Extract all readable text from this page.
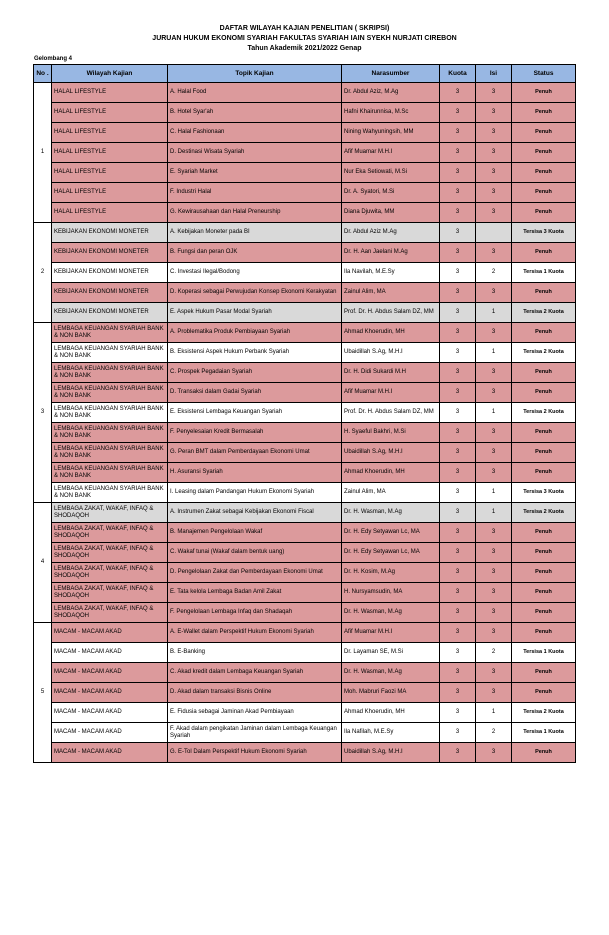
DAFTAR WILAYAH KAJIAN PENELITIAN ( SKRIPSI)
JURUAN HUKUM EKONOMI SYARIAH FAKULTAS SYARIAH IAIN SYEKH NURJATI CIREBON
Tahun Akademik 2021/2022 Genap
Gelombang 4
No .	Wilayah Kajian	Topik Kajian	Narasumber	Kuota	Isi	Status
1	HALAL LIFESTYLE	A. Halal Food	Dr. Abdul Aziz, M.Ag	3	3	Penuh
	HALAL LIFESTYLE	B. Hotel Syar'ah	Hafni Khairunnisa, M.Sc	3	3	Penuh
	HALAL LIFESTYLE	C. Halal Fashionaan	Nining Wahyuningsih, MM	3	3	Penuh
	HALAL LIFESTYLE	D. Destinasi Wisata Syariah	Afif Muamar M.H.I	3	3	Penuh
	HALAL LIFESTYLE	E. Syariah Market	Nur Eka Setiowati, M.Si	3	3	Penuh
	HALAL LIFESTYLE	F. Industri Halal	Dr. A. Syatori, M.Si	3	3	Penuh
	HALAL LIFESTYLE	G. Kewirausahaan dan Halal Preneurship	Diana Djuwita, MM	3	3	Penuh
2	KEBIJAKAN EKONOMI MONETER	A. Kebijakan Moneter pada BI	Dr. Abdul Aziz M.Ag	3		Tersisa 3 Kuota
	KEBIJAKAN EKONOMI MONETER	B. Fungsi dan peran OJK	Dr. H. Aan Jaelani M.Ag	3	3	Penuh
	KEBIJAKAN EKONOMI MONETER	C. Investasi Ilegal/Bodong	Ila Navilah, M.E.Sy	3	2	Tersisa 1 Kuota
	KEBIJAKAN EKONOMI MONETER	D. Koperasi sebagai Perwujudan Konsep Ekonomi Kerakyatan	Zainul Alim, MA	3	3	Penuh
	KEBIJAKAN EKONOMI MONETER	E. Aspek Hukum Pasar Modal Syariah	Prof. Dr. H. Abdus Salam DZ, MM	3	1	Tersisa 2 Kuota
3	LEMBAGA KEUANGAN SYARIAH BANK & NON BANK	A. Problematika Produk Pembiayaan Syariah	Ahmad Khoerudin, MH	3	3	Penuh
	LEMBAGA KEUANGAN SYARIAH BANK & NON BANK	B. Eksistensi Aspek Hukum Perbank Syariah	Ubaidillah S.Ag, M.H.I	3	1	Tersisa 2 Kuota
	LEMBAGA KEUANGAN SYARIAH BANK & NON BANK	C. Prospek Pegadaian Syariah	Dr. H. Didi Sukardi M.H	3	3	Penuh
	LEMBAGA KEUANGAN SYARIAH BANK & NON BANK	D. Transaksi dalam Gadai Syariah	Afif Muamar M.H.I	3	3	Penuh
	LEMBAGA KEUANGAN SYARIAH BANK & NON BANK	E. Eksistensi Lembaga Keuangan Syariah	Prof. Dr. H. Abdus Salam DZ, MM	3	1	Tersisa 2 Kuota
	LEMBAGA KEUANGAN SYARIAH BANK & NON BANK	F. Penyelesaian Kredit Bermasalah	H. Syaeful Bakhri, M.Si	3	3	Penuh
	LEMBAGA KEUANGAN SYARIAH BANK & NON BANK	G. Peran BMT dalam Pemberdayaan Ekonomi Umat	Ubaidillah S.Ag, M.H.I	3	3	Penuh
	LEMBAGA KEUANGAN SYARIAH BANK & NON BANK	H. Asuransi Syariah	Ahmad Khoerudin, MH	3	3	Penuh
	LEMBAGA KEUANGAN SYARIAH BANK & NON BANK	I. Leasing dalam Pandangan Hukum Ekonomi Syariah	Zainul Alim, MA	3	1	Tersisa 3 Kuota
4	LEMBAGA ZAKAT, WAKAF, INFAQ & SHODAQOH	A. Instrumen Zakat sebagai Kebijakan Ekonomi Fiscal	Dr. H. Wasman, M.Ag	3	1	Tersisa 2 Kuota
	LEMBAGA ZAKAT, WAKAF, INFAQ & SHODAQOH	B. Manajemen Pengelolaan Wakaf	Dr. H. Edy Setyawan Lc, MA	3	3	Penuh
	LEMBAGA ZAKAT, WAKAF, INFAQ & SHODAQOH	C. Wakaf tunai (Wakaf dalam bentuk uang)	Dr. H. Edy Setyawan Lc, MA	3	3	Penuh
	LEMBAGA ZAKAT, WAKAF, INFAQ & SHODAQOH	D. Pengelolaan Zakat dan Pemberdayaan Ekonomi Umat	Dr. H. Kosim, M.Ag	3	3	Penuh
	LEMBAGA ZAKAT, WAKAF, INFAQ & SHODAQOH	E. Tata kelola Lembaga Badan Amil Zakat	H. Nursyamsudin, MA	3	3	Penuh
	LEMBAGA ZAKAT, WAKAF, INFAQ & SHODAQOH	F. Pengelolaan Lembaga Infaq dan Shadaqah	Dr. H. Wasman, M.Ag	3	3	Penuh
5	MACAM - MACAM AKAD	A. E-Wallet dalam Perspektif Hukum Ekonomi Syariah	Afif Muamar M.H.I	3	3	Penuh
	MACAM - MACAM AKAD	B. E-Banking	Dr. Layaman SE, M.Si	3	2	Tersisa 1 Kuota
	MACAM - MACAM AKAD	C. Akad kredit dalam Lembaga Keuangan Syariah	Dr. H. Wasman, M.Ag	3	3	Penuh
	MACAM - MACAM AKAD	D. Akad dalam transaksi Bisnis Online	Moh. Mabruri Faozi MA	3	3	Penuh
	MACAM - MACAM AKAD	E. Fidusia sebagai Jaminan Akad Pembiayaan	Ahmad Khoerudin, MH	3	1	Tersisa 2 Kuota
	MACAM - MACAM AKAD	F. Akad dalam pengikatan Jaminan dalam Lembaga Keuangan Syariah	Ila Nafilah, M.E.Sy	3	2	Tersisa 1 Kuota
	MACAM - MACAM AKAD	G. E-Tol Dalam Perspektif Hukum Ekonomi Syariah	Ubaidillah S.Ag, M.H.I	3	3	Penuh
